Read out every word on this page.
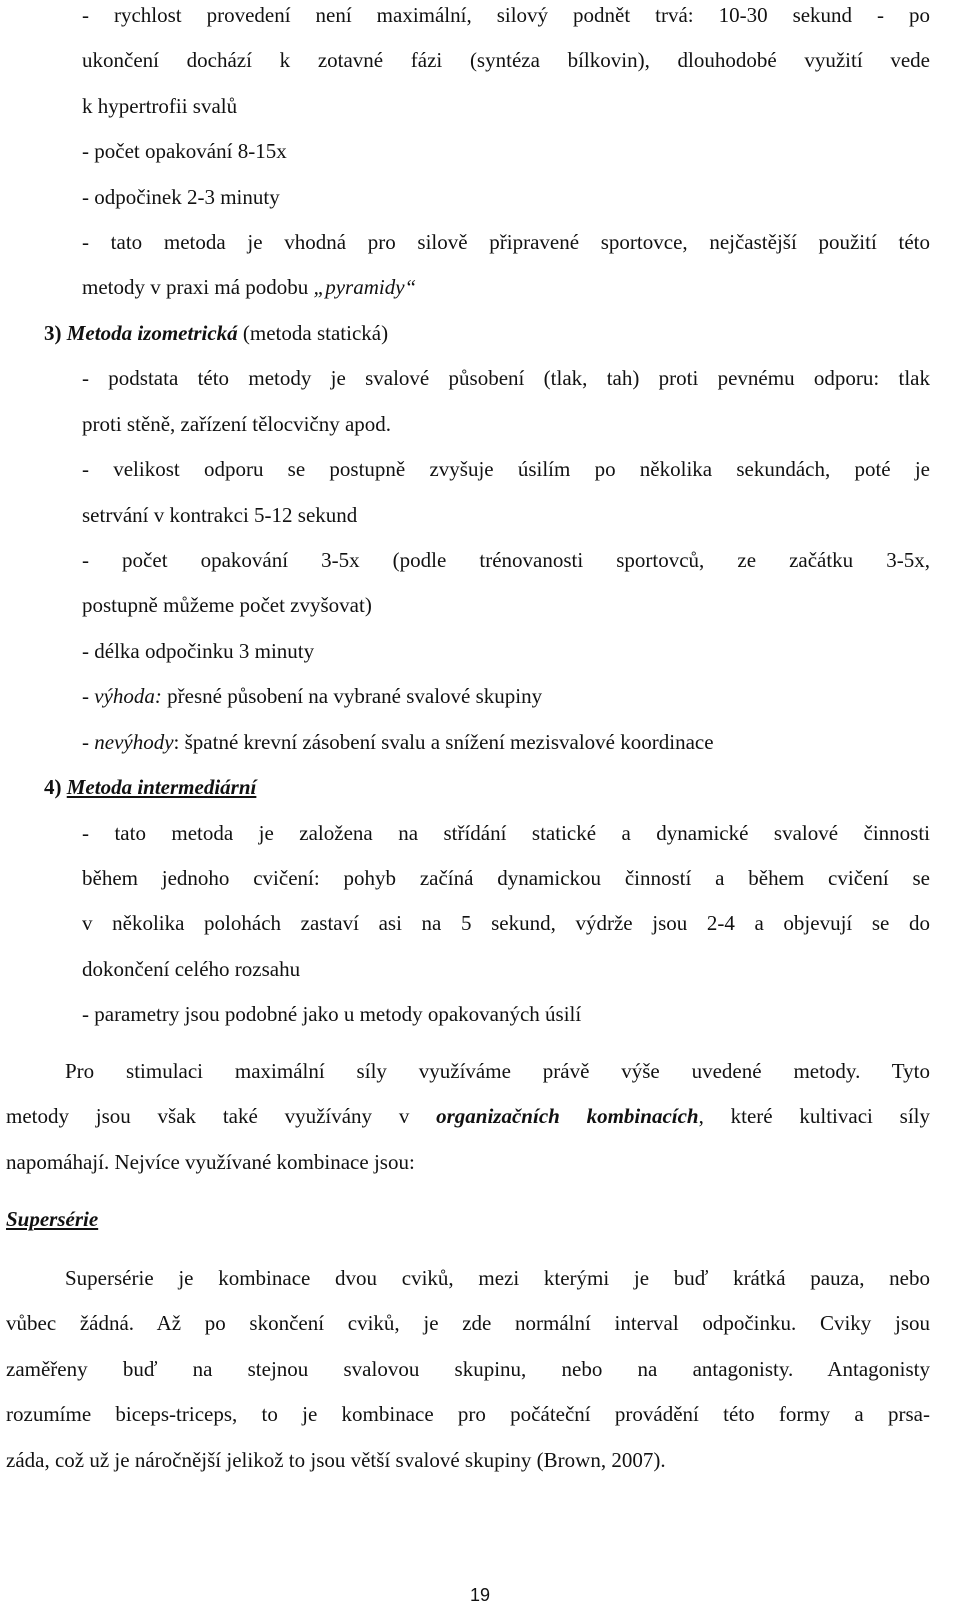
- rychlost provedení není maximální, silový podnět trvá: 10-30 sekund - po
ukončení dochází k zotavné fázi (syntéza bílkovin), dlouhodobé využití vede
k hypertrofii svalů
- počet opakování 8-15x
- odpočinek 2-3 minuty
- tato metoda je vhodná pro silově připravené sportovce, nejčastější použití této
metody v praxi má podobu „pyramidy“
3) Metoda izometrická (metoda statická)
- podstata této metody je svalové působení (tlak, tah) proti pevnému odporu: tlak
proti stěně, zařízení tělocvičny apod.
- velikost odporu se postupně zvyšuje úsilím po několika sekundách, poté je
setrvání v kontrakci 5-12 sekund
- počet opakování 3-5x (podle trénovanosti sportovců, ze začátku 3-5x,
postupně můžeme počet zvyšovat)
- délka odpočinku 3 minuty
- výhoda: přesné působení na vybrané svalové skupiny
- nevýhody: špatné krevní zásobení svalu a snížení mezisvalové koordinace
4) Metoda intermediární
- tato metoda je založena na střídání statické a dynamické svalové činnosti
během jednoho cvičení: pohyb začíná dynamickou činností a během cvičení se
v několika polohách zastaví asi na 5 sekund, výdrže jsou 2-4 a objevují se do
dokončení celého rozsahu
- parametry jsou podobné jako u metody opakovaných úsilí
Pro stimulaci maximální síly využíváme právě výše uvedené metody. Tyto
metody jsou však také využívány v organizačních kombinacích, které kultivaci síly
napomáhají. Nejvíce využívané kombinace jsou:
Supersérie
Supersérie je kombinace dvou cviků, mezi kterými je buď krátká pauza, nebo
vůbec žádná. Až po skončení cviků, je zde normální interval odpočinku. Cviky jsou
zaměřeny buď na stejnou svalovou skupinu, nebo na antagonisty. Antagonisty
rozumíme biceps-triceps, to je kombinace pro počáteční provádění této formy a prsa-
záda, což už je náročnější jelikož to jsou větší svalové skupiny (Brown, 2007).
19
